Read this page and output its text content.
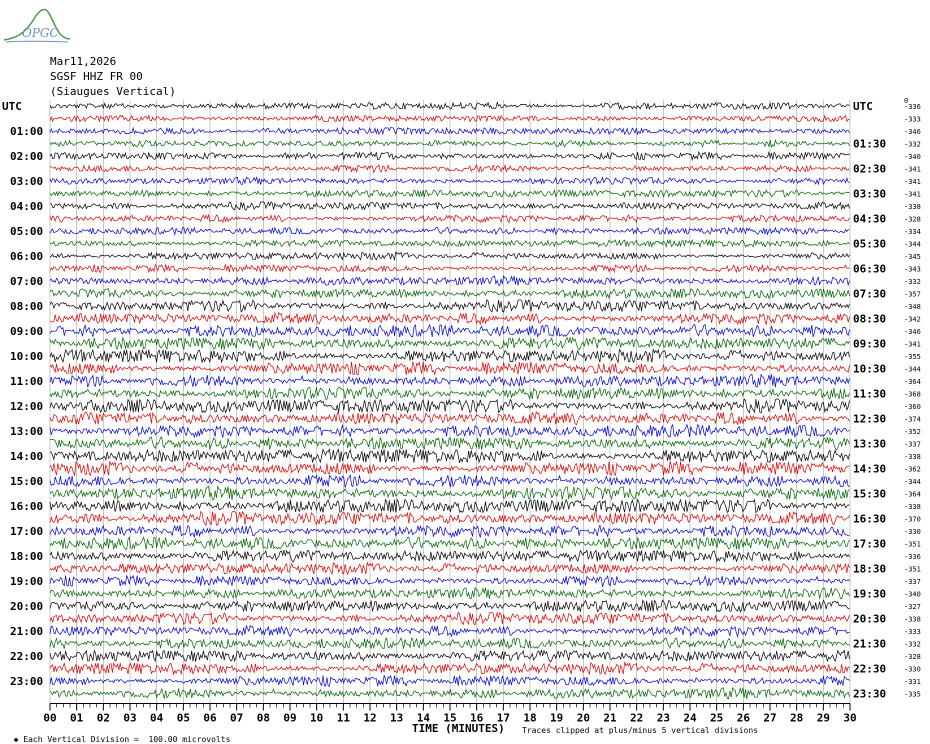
OPGC
Mar11,2026
SGSF HHZ FR 00
(Siaugues Vertical)
-336
-333
-346
-332
-340
-341
-341
-341
-338
-328
-334
-344
-345
-343
-332
-357
-348
-342
-346
-341
-355
-344
-364
-368
-360
-374
-352
-337
-338
-362
-344
-364
-338
-370
-330
-351
-336
-351
-337
-340
-327
-338
-333
-332
-328
-330
-331
-335
UTC	UTC
01:00
01:30
02:00
02:30
03:00
03:30
04:00
04:30
05:00
05:30
06:00
06:30
07:00
07:30
08:00
08:30
09:00
09:30
10:00
10:30
11:00
11:30
12:00
12:30
13:00
13:30
14:00
14:30
15:00
15:30
16:00
16:30
17:00
17:30
18:00
18:30
19:00
19:30
20:00
20:30
21:00
21:30
22:00
22:30
23:00
23:30
00 01 02 03 04 05 06 07 08 09 10 11 12 13 14 15 16 17 18 19 20 21 22 23 24 25 26 27 28 29 30
0
TIME (MINUTES)

◆ Each Vertical Division =  100.00 microvolts

Traces clipped at plus/minus 5 vertical divisions
